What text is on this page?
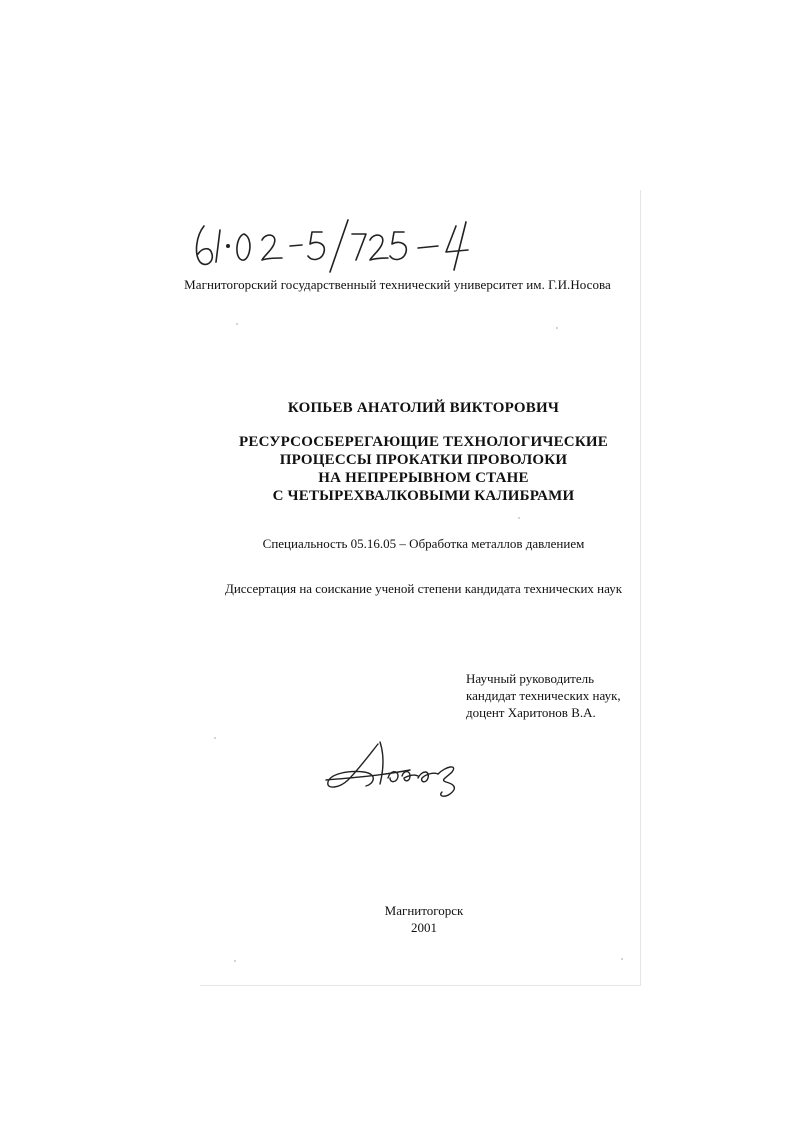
Магнитогорский государственный технический университет им. Г.И.Носова
КОПЬЕВ АНАТОЛИЙ ВИКТОРОВИЧ
РЕСУРСОСБЕРЕГАЮЩИЕ ТЕХНОЛОГИЧЕСКИЕ
ПРОЦЕССЫ ПРОКАТКИ ПРОВОЛОКИ
НА НЕПРЕРЫВНОМ СТАНЕ
С ЧЕТЫРЕХВАЛКОВЫМИ КАЛИБРАМИ
Специальность 05.16.05 – Обработка металлов давлением
Диссертация на соискание ученой степени кандидата технических наук
Научный руководитель
кандидат технических наук,
доцент Харитонов В.А.
Магнитогорск
2001
